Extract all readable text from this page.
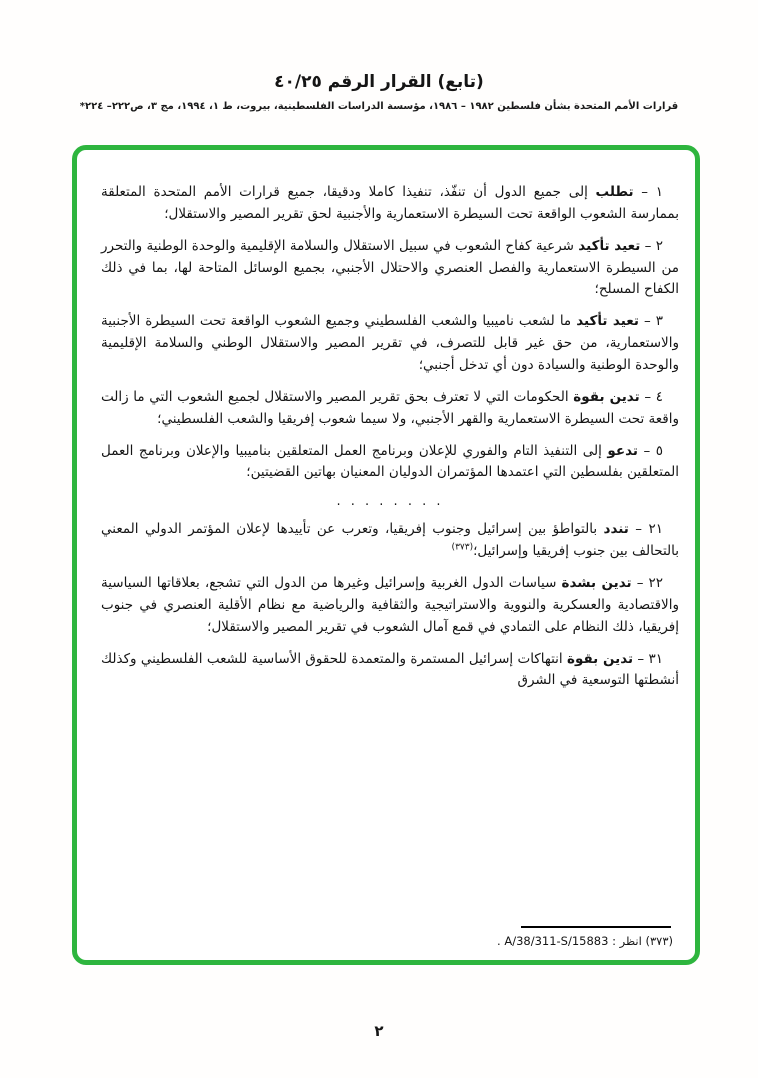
(تابع) القرار الرقم ٤٠/٢٥
قرارات الأمم المتحدة بشأن فلسطين ١٩٨٢ – ١٩٨٦، مؤسسة الدراسات الفلسطينية، بيروت، ط ١، ١٩٩٤، مج ٣، ص٢٢٢– ٢٢٤*

١ – تطلب إلى جميع الدول أن تنفّذ، تنفيذا كاملا ودقيقا، جميع قرارات الأمم المتحدة المتعلقة بممارسة الشعوب الواقعة تحت السيطرة الاستعمارية والأجنبية لحق تقرير المصير والاستقلال؛

٢ – تعيد تأكيد شرعية كفاح الشعوب في سبيل الاستقلال والسلامة الإقليمية والوحدة الوطنية والتحرر من السيطرة الاستعمارية والفصل العنصري والاحتلال الأجنبي، بجميع الوسائل المتاحة لها، بما في ذلك الكفاح المسلح؛

٣ – تعيد تأكيد ما لشعب ناميبيا والشعب الفلسطيني وجميع الشعوب الواقعة تحت السيطرة الأجنبية والاستعمارية، من حق غير قابل للتصرف، في تقرير المصير والاستقلال الوطني والسلامة الإقليمية والوحدة الوطنية والسيادة دون أي تدخل أجنبي؛

٤ – تدين بقوة الحكومات التي لا تعترف بحق تقرير المصير والاستقلال لجميع الشعوب التي ما زالت واقعة تحت السيطرة الاستعمارية والقهر الأجنبي، ولا سيما شعوب إفريقيا والشعب الفلسطيني؛

٥ – تدعو إلى التنفيذ التام والفوري للإعلان وبرنامج العمل المتعلقين بناميبيا والإعلان وبرنامج العمل المتعلقين بفلسطين التي اعتمدها المؤتمران الدوليان المعنيان بهاتين القضيتين؛

. . . . . . . .

٢١ – تندد بالتواطؤ بين إسرائيل وجنوب إفريقيا، وتعرب عن تأييدها لإعلان المؤتمر الدولي المعني بالتحالف بين جنوب إفريقيا وإسرائيل؛$^{(٣٧٣)}$

٢٢ – تدين بشدة سياسات الدول الغربية وإسرائيل وغيرها من الدول التي تشجع، بعلاقاتها السياسية والاقتصادية والعسكرية والنووية والاستراتيجية والثقافية والرياضية مع نظام الأقلية العنصري في جنوب إفريقيا، ذلك النظام على التمادي في قمع آمال الشعوب في تقرير المصير والاستقلال؛

٣١ – تدين بقوة انتهاكات إسرائيل المستمرة والمتعمدة للحقوق الأساسية للشعب الفلسطيني وكذلك أنشطتها التوسعية في الشرق

(٣٧٣) انظر : A/38/311-S/15883 .
٢
